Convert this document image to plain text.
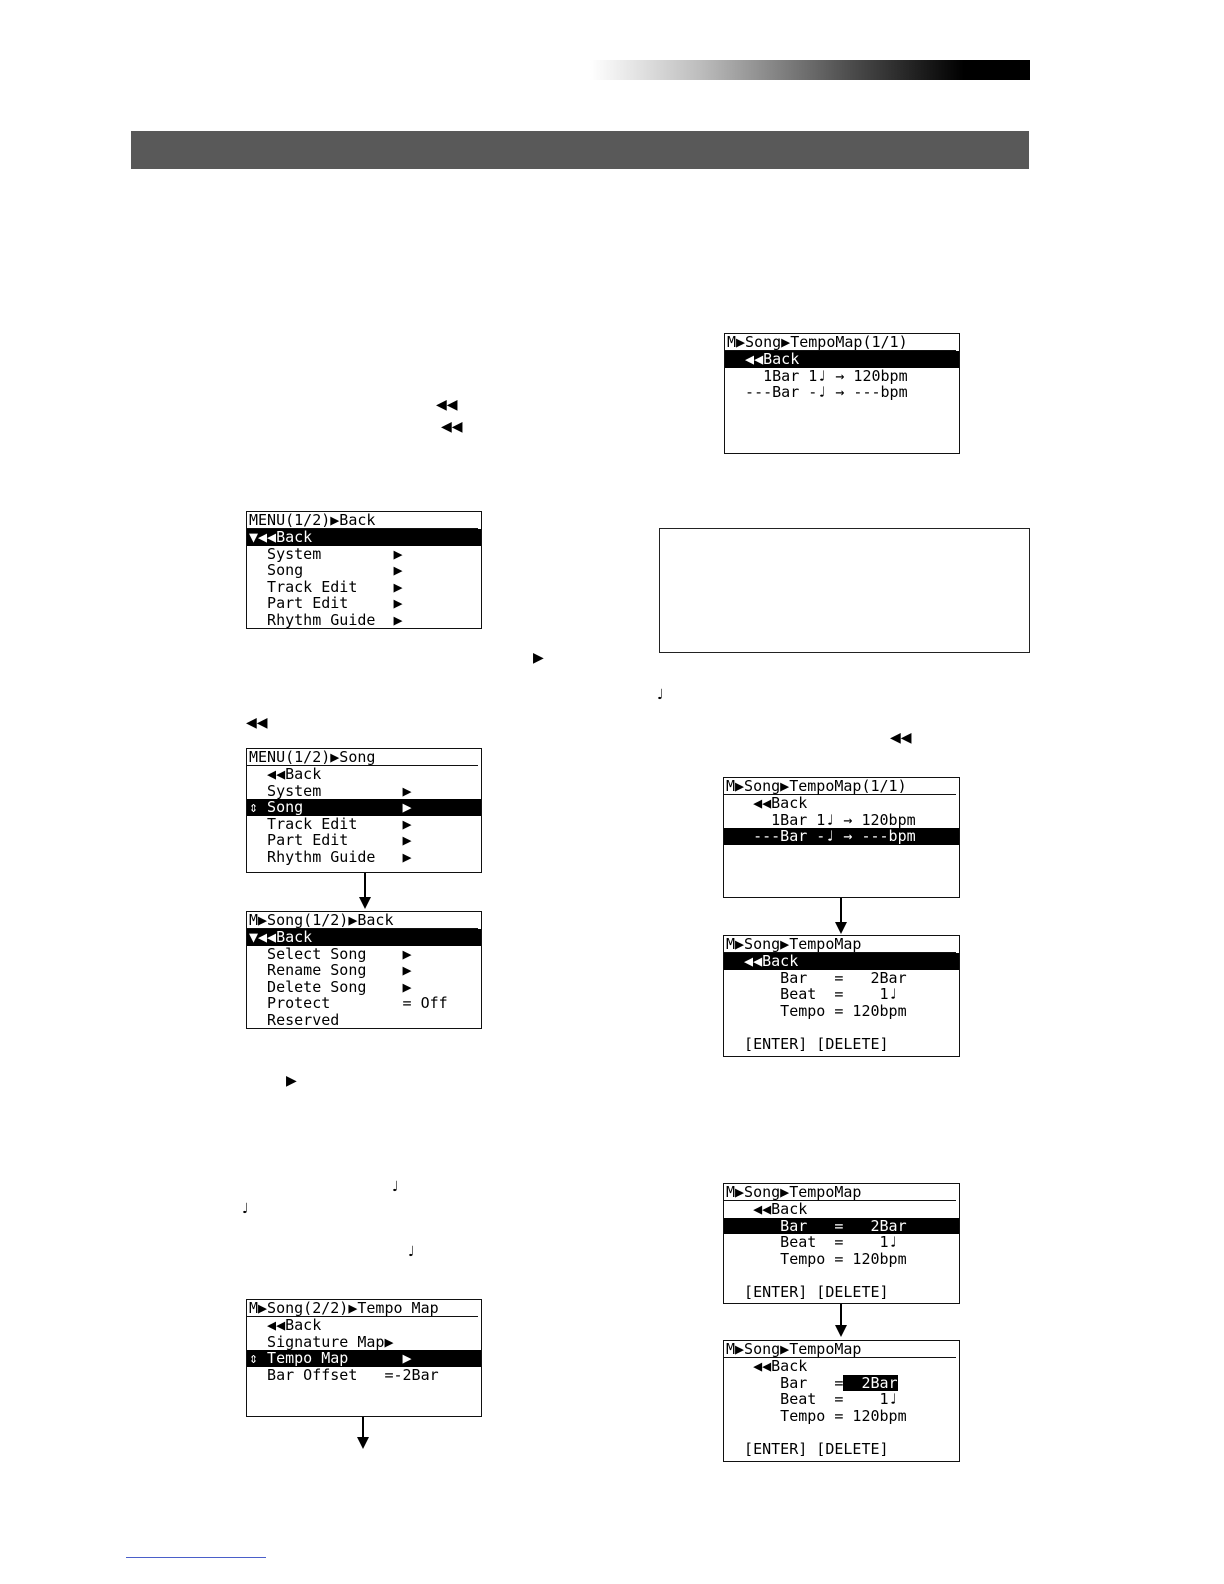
◀◀
◀◀
▶
◀◀
▶
♩
♩
♩
♩
◀◀
MENU(1/2)▶Back
▼◀◀Back
System        ▶
Song          ▶
Track Edit    ▶
Part Edit     ▶
Rhythm Guide  ▶
MENU(1/2)▶Song
◀◀Back
System         ▶
⇕ Song           ▶
Track Edit     ▶
Part Edit      ▶
Rhythm Guide   ▶
M▶Song(1/2)▶Back
▼◀◀Back
Select Song    ▶
Rename Song    ▶
Delete Song    ▶
Protect        = Off
Reserved
M▶Song(2/2)▶Tempo Map
◀◀Back
Signature Map▶
⇕ Tempo Map      ▶
Bar Offset   =-2Bar
M▶Song▶TempoMap(1/1)
◀◀Back
1Bar 1♩ → 120bpm
---Bar -♩ → ---bpm
M▶Song▶TempoMap(1/1)
◀◀Back
1Bar 1♩ → 120bpm
---Bar -♩ → ---bpm
M▶Song▶TempoMap
◀◀Back
Bar   =   2Bar
Beat  =    1♩
Tempo = 120bpm
[ENTER] [DELETE]
M▶Song▶TempoMap
◀◀Back
Bar   =   2Bar
Beat  =    1♩
Tempo = 120bpm
[ENTER] [DELETE]
M▶Song▶TempoMap
◀◀Back
Bar   =  2Bar
Beat  =    1♩
Tempo = 120bpm
[ENTER] [DELETE]
